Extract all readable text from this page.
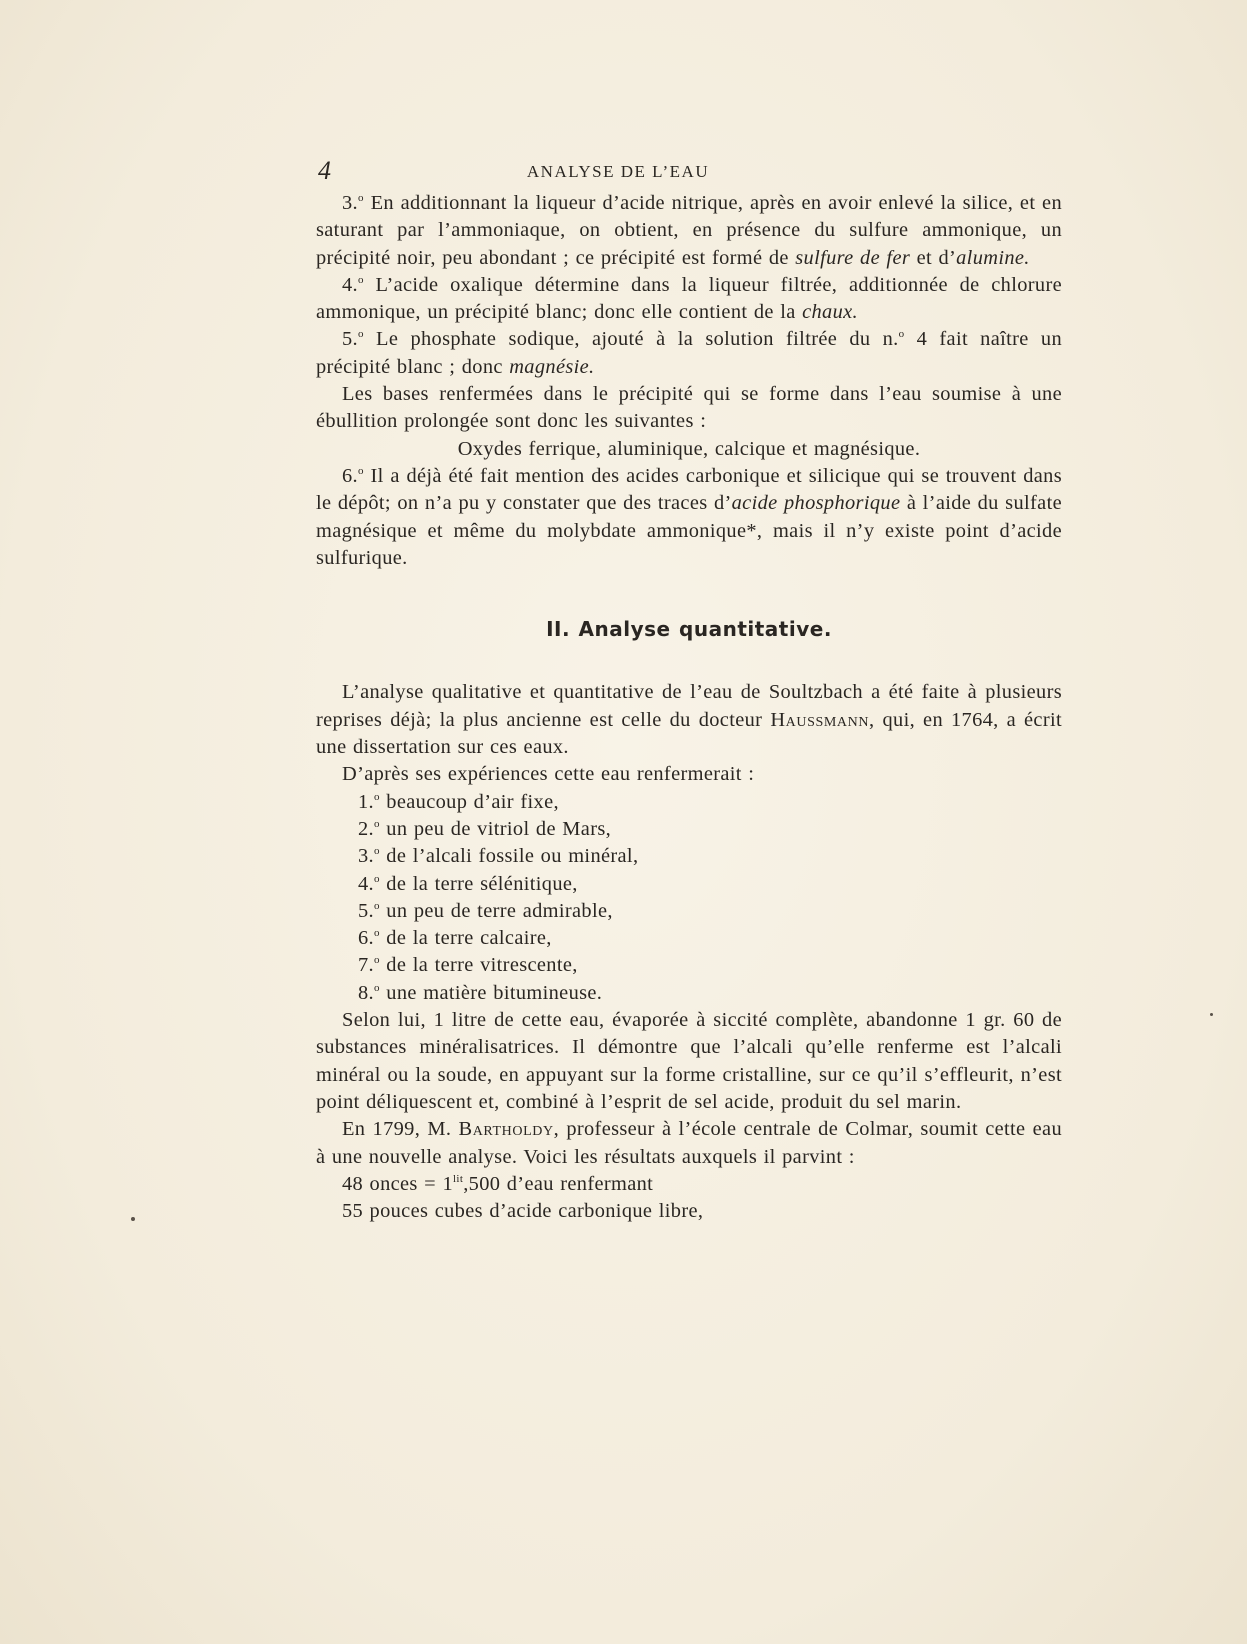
4	ANALYSE DE L’EAU

3.$^o$ En additionnant la liqueur d’acide nitrique, après en avoir enlevé la silice, et en saturant par l’ammoniaque, on obtient, en présence du sulfure ammonique, un précipité noir, peu abondant ; ce précipité est formé de sulfure de fer et d’alumine.

4.$^o$ L’acide oxalique détermine dans la liqueur filtrée, additionnée de chlorure ammonique, un précipité blanc; donc elle contient de la chaux.

5.$^o$ Le phosphate sodique, ajouté à la solution filtrée du n.$^o$ 4 fait naître un précipité blanc ; donc magnésie.

Les bases renfermées dans le précipité qui se forme dans l’eau soumise à une ébullition prolongée sont donc les suivantes :

Oxydes ferrique, aluminique, calcique et magnésique.

6.$^o$ Il a déjà été fait mention des acides carbonique et silicique qui se trouvent dans le dépôt; on n’a pu y constater que des traces d’acide phosphorique à l’aide du sulfate magnésique et même du molybdate ammonique*, mais il n’y existe point d’acide sulfurique.

II. Analyse quantitative.

L’analyse qualitative et quantitative de l’eau de Soultzbach a été faite à plusieurs reprises déjà; la plus ancienne est celle du docteur Haussmann, qui, en 1764, a écrit une dissertation sur ces eaux.

D’après ses expériences cette eau renfermerait :

1.$^o$ beaucoup d’air fixe,

2.$^o$ un peu de vitriol de Mars,

3.$^o$ de l’alcali fossile ou minéral,

4.$^o$ de la terre sélénitique,

5.$^o$ un peu de terre admirable,

6.$^o$ de la terre calcaire,

7.$^o$ de la terre vitrescente,

8.$^o$ une matière bitumineuse.

Selon lui, 1 litre de cette eau, évaporée à siccité complète, abandonne 1 gr. 60 de substances minéralisatrices. Il démontre que l’alcali qu’elle renferme est l’alcali minéral ou la soude, en appuyant sur la forme cristalline, sur ce qu’il s’effleurit, n’est point déliquescent et, combiné à l’esprit de sel acide, produit du sel marin.

En 1799, M. Bartholdy, professeur à l’école centrale de Colmar, soumit cette eau à une nouvelle analyse. Voici les résultats auxquels il parvint :

48 onces = $1^{lit},500$ d’eau renfermant

55 pouces cubes d’acide carbonique libre,
